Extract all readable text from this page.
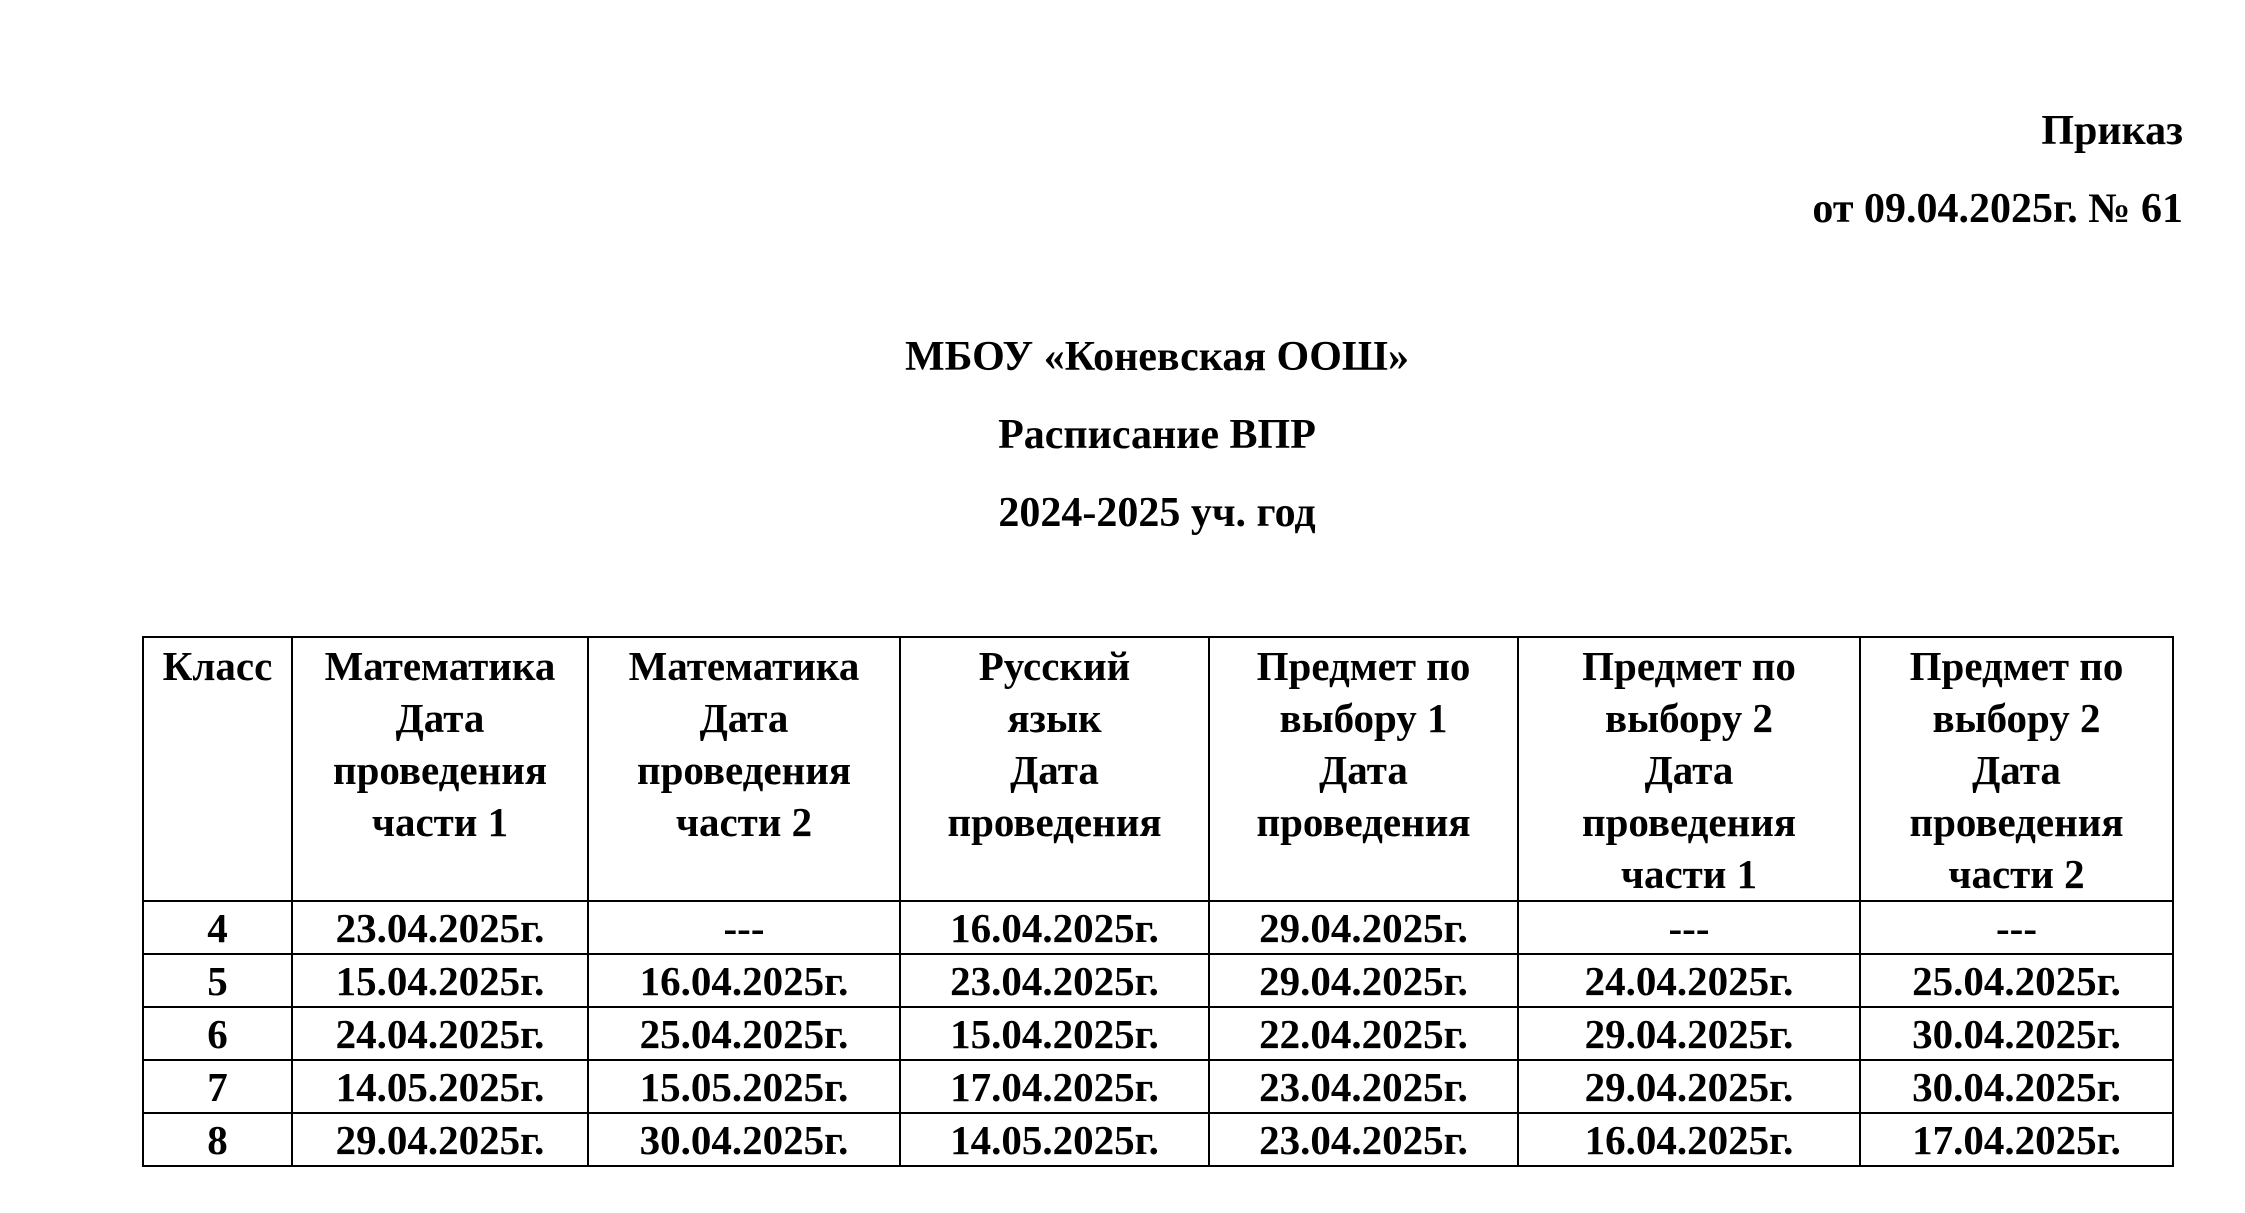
Приказ
от 09.04.2025г. № 61
МБОУ «Коневская ООШ»
Расписание ВПР
2024-2025 уч. год
Класс	Математика
Дата
проведения
части 1	Математика
Дата
проведения
части 2	Русский
язык
Дата
проведения	Предмет по
выбору 1
Дата
проведения	Предмет по
выбору 2
Дата
проведения
части 1	Предмет по
выбору 2
Дата
проведения
части 2

4	23.04.2025г.	---	16.04.2025г.	29.04.2025г.	---	---
5	15.04.2025г.	16.04.2025г.	23.04.2025г.	29.04.2025г.	24.04.2025г.	25.04.2025г.
6	24.04.2025г.	25.04.2025г.	15.04.2025г.	22.04.2025г.	29.04.2025г.	30.04.2025г.
7	14.05.2025г.	15.05.2025г.	17.04.2025г.	23.04.2025г.	29.04.2025г.	30.04.2025г.
8	29.04.2025г.	30.04.2025г.	14.05.2025г.	23.04.2025г.	16.04.2025г.	17.04.2025г.
